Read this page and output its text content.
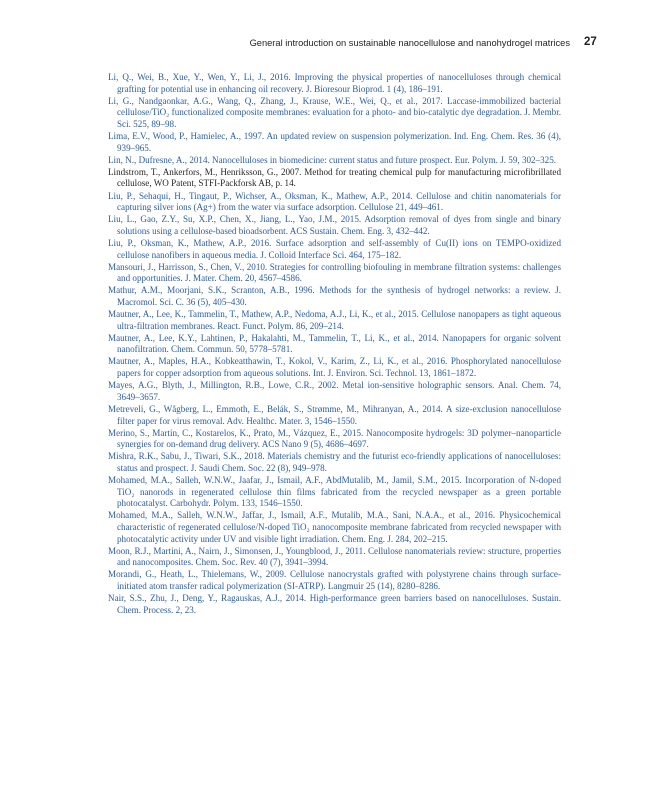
General introduction on sustainable nanocellulose and nanohydrogel matrices 27
Li, Q., Wei, B., Xue, Y., Wen, Y., Li, J., 2016. Improving the physical properties of nanocelluloses through chemical grafting for potential use in enhancing oil recovery. J. Bioresour Bioprod. 1 (4), 186–191.
Li, G., Nandgaonkar, A.G., Wang, Q., Zhang, J., Krause, W.E., Wei, Q., et al., 2017. Laccase-immobilized bacterial cellulose/TiO₂ functionalized composite membranes: evaluation for a photo- and bio-catalytic dye degradation. J. Membr. Sci. 525, 89–98.
Lima, E.V., Wood, P., Hamielec, A., 1997. An updated review on suspension polymerization. Ind. Eng. Chem. Res. 36 (4), 939–965.
Lin, N., Dufresne, A., 2014. Nanocelluloses in biomedicine: current status and future prospect. Eur. Polym. J. 59, 302–325.
Lindstrom, T., Ankerfors, M., Henriksson, G., 2007. Method for treating chemical pulp for manufacturing microfibrillated cellulose, WO Patent, STFI-Packforsk AB, p. 14.
Liu, P., Sehaqui, H., Tingaut, P., Wichser, A., Oksman, K., Mathew, A.P., 2014. Cellulose and chitin nanomaterials for capturing silver ions (Ag+) from the water via surface adsorption. Cellulose 21, 449–461.
Liu, L., Gao, Z.Y., Su, X.P., Chen, X., Jiang, L., Yao, J.M., 2015. Adsorption removal of dyes from single and binary solutions using a cellulose-based bioadsorbent. ACS Sustain. Chem. Eng. 3, 432–442.
Liu, P., Oksman, K., Mathew, A.P., 2016. Surface adsorption and self-assembly of Cu(II) ions on TEMPO-oxidized cellulose nanofibers in aqueous media. J. Colloid Interface Sci. 464, 175–182.
Mansouri, J., Harrisson, S., Chen, V., 2010. Strategies for controlling biofouling in membrane filtration systems: challenges and opportunities. J. Mater. Chem. 20, 4567–4586.
Mathur, A.M., Moorjani, S.K., Scranton, A.B., 1996. Methods for the synthesis of hydrogel networks: a review. J. Macromol. Sci. C. 36 (5), 405–430.
Mautner, A., Lee, K., Tammelin, T., Mathew, A.P., Nedoma, A.J., Li, K., et al., 2015. Cellulose nanopapers as tight aqueous ultra-filtration membranes. React. Funct. Polym. 86, 209–214.
Mautner, A., Lee, K.Y., Lahtinen, P., Hakalahti, M., Tammelin, T., Li, K., et al., 2014. Nanopapers for organic solvent nanofiltration. Chem. Commun. 50, 5778–5781.
Mautner, A., Maples, H.A., Kobkeatthawin, T., Kokol, V., Karim, Z., Li, K., et al., 2016. Phosphorylated nanocellulose papers for copper adsorption from aqueous solutions. Int. J. Environ. Sci. Technol. 13, 1861–1872.
Mayes, A.G., Blyth, J., Millington, R.B., Lowe, C.R., 2002. Metal ion-sensitive holographic sensors. Anal. Chem. 74, 3649–3657.
Metreveli, G., Wågberg, L., Emmoth, E., Belák, S., Strømme, M., Mihranyan, A., 2014. A size-exclusion nanocellulose filter paper for virus removal. Adv. Healthc. Mater. 3, 1546–1550.
Merino, S., Martín, C., Kostarelos, K., Prato, M., Vázquez, E., 2015. Nanocomposite hydrogels: 3D polymer–nanoparticle synergies for on-demand drug delivery. ACS Nano 9 (5), 4686–4697.
Mishra, R.K., Sabu, J., Tiwari, S.K., 2018. Materials chemistry and the futurist eco-friendly applications of nanocelluloses: status and prospect. J. Saudi Chem. Soc. 22 (8), 949–978.
Mohamed, M.A., Salleh, W.N.W., Jaafar, J., Ismail, A.F., AbdMutalib, M., Jamil, S.M., 2015. Incorporation of N-doped TiO₂ nanorods in regenerated cellulose thin films fabricated from the recycled newspaper as a green portable photocatalyst. Carbohydr. Polym. 133, 1546–1550.
Mohamed, M.A., Salleh, W.N.W., Jaffar, J., Ismail, A.F., Mutalib, M.A., Sani, N.A.A., et al., 2016. Physicochemical characteristic of regenerated cellulose/N-doped TiO₂ nanocomposite membrane fabricated from recycled newspaper with photocatalytic activity under UV and visible light irradiation. Chem. Eng. J. 284, 202–215.
Moon, R.J., Martini, A., Nairn, J., Simonsen, J., Youngblood, J., 2011. Cellulose nanomaterials review: structure, properties and nanocomposites. Chem. Soc. Rev. 40 (7), 3941–3994.
Morandi, G., Heath, L., Thielemans, W., 2009. Cellulose nanocrystals grafted with polystyrene chains through surface-initiated atom transfer radical polymerization (SI-ATRP). Langmuir 25 (14), 8280–8286.
Nair, S.S., Zhu, J., Deng, Y., Ragauskas, A.J., 2014. High-performance green barriers based on nanocelluloses. Sustain. Chem. Process. 2, 23.
